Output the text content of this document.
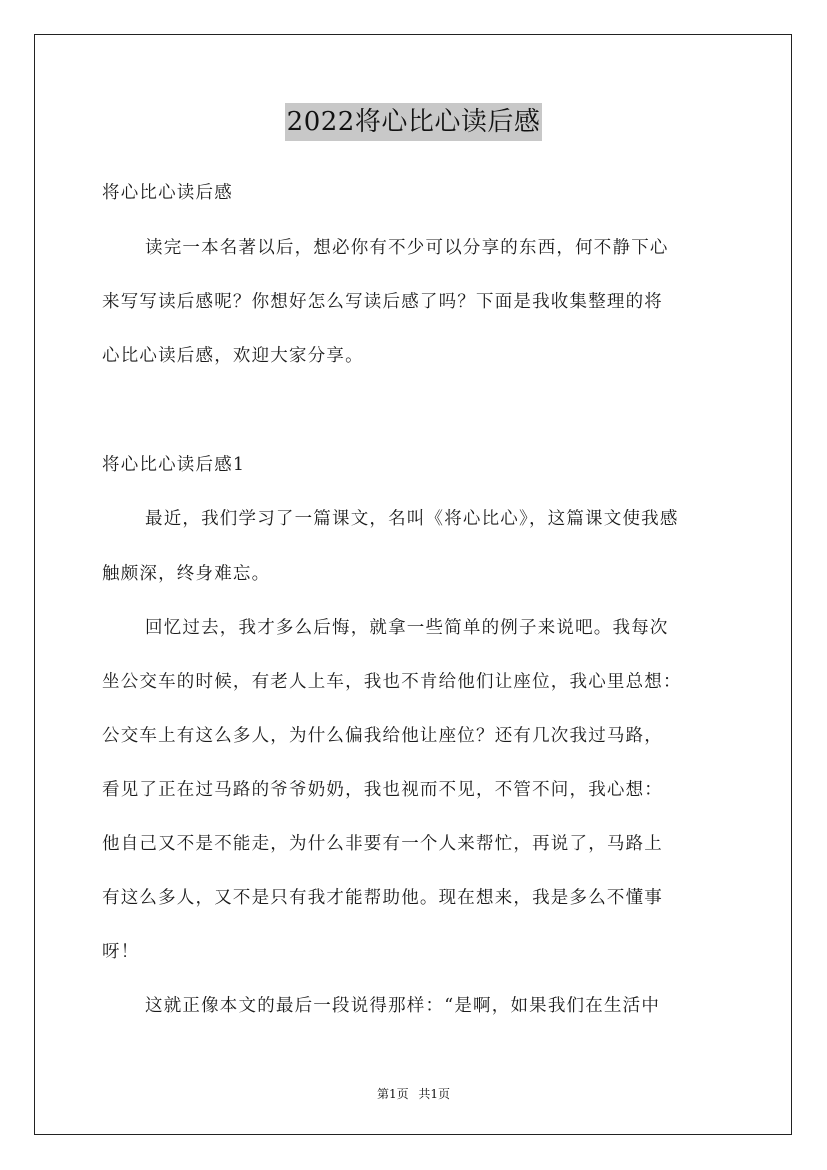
2022将心比心读后感
将心比心读后感
读完一本名著以后，想必你有不少可以分享的东西，何不静下心
来写写读后感呢？你想好怎么写读后感了吗？下面是我收集整理的将
心比心读后感，欢迎大家分享。
将心比心读后感1
最近，我们学习了一篇课文，名叫《将心比心》，这篇课文使我感
触颇深，终身难忘。
回忆过去，我才多么后悔，就拿一些简单的例子来说吧。我每次
坐公交车的时候，有老人上车，我也不肯给他们让座位，我心里总想：
公交车上有这么多人，为什么偏我给他让座位？还有几次我过马路，
看见了正在过马路的爷爷奶奶，我也视而不见，不管不问，我心想：
他自己又不是不能走，为什么非要有一个人来帮忙，再说了，马路上
有这么多人，又不是只有我才能帮助他。现在想来，我是多么不懂事
呀！
这就正像本文的最后一段说得那样：“是啊，如果我们在生活中
第1页 共1页
